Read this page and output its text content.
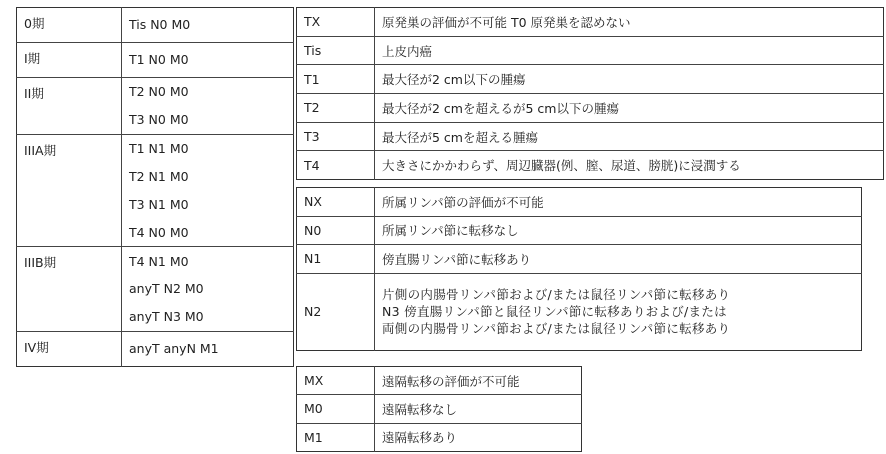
0期	Tis N0 M0
I期	T1 N0 M0
II期	T2 N0 M0
	T3 N0 M0
IIIA期	T1 N1 M0
	T2 N1 M0
	T3 N1 M0
	T4 N0 M0
IIIB期	T4 N1 M0
	anyT N2 M0
	anyT N3 M0
IV期	anyT anyN M1
TX	原発巣の評価が不可能 T0 原発巣を認めない
Tis	上皮内癌
T1	最大径が2 cm以下の腫瘍
T2	最大径が2 cmを超えるが5 cm以下の腫瘍
T3	最大径が5 cmを超える腫瘍
T4	大きさにかかわらず、周辺臓器(例、膣、尿道、膀胱)に浸潤する
NX	所属リンパ節の評価が不可能
N0	所属リンパ節に転移なし
N1	傍直腸リンパ節に転移あり
N2	片側の内腸骨リンパ節および/または鼠径リンパ節に転移あり
N3 傍直腸リンパ節と鼠径リンパ節に転移ありおよび/または
両側の内腸骨リンパ節および/または鼠径リンパ節に転移あり
MX	遠隔転移の評価が不可能
M0	遠隔転移なし
M1	遠隔転移あり
